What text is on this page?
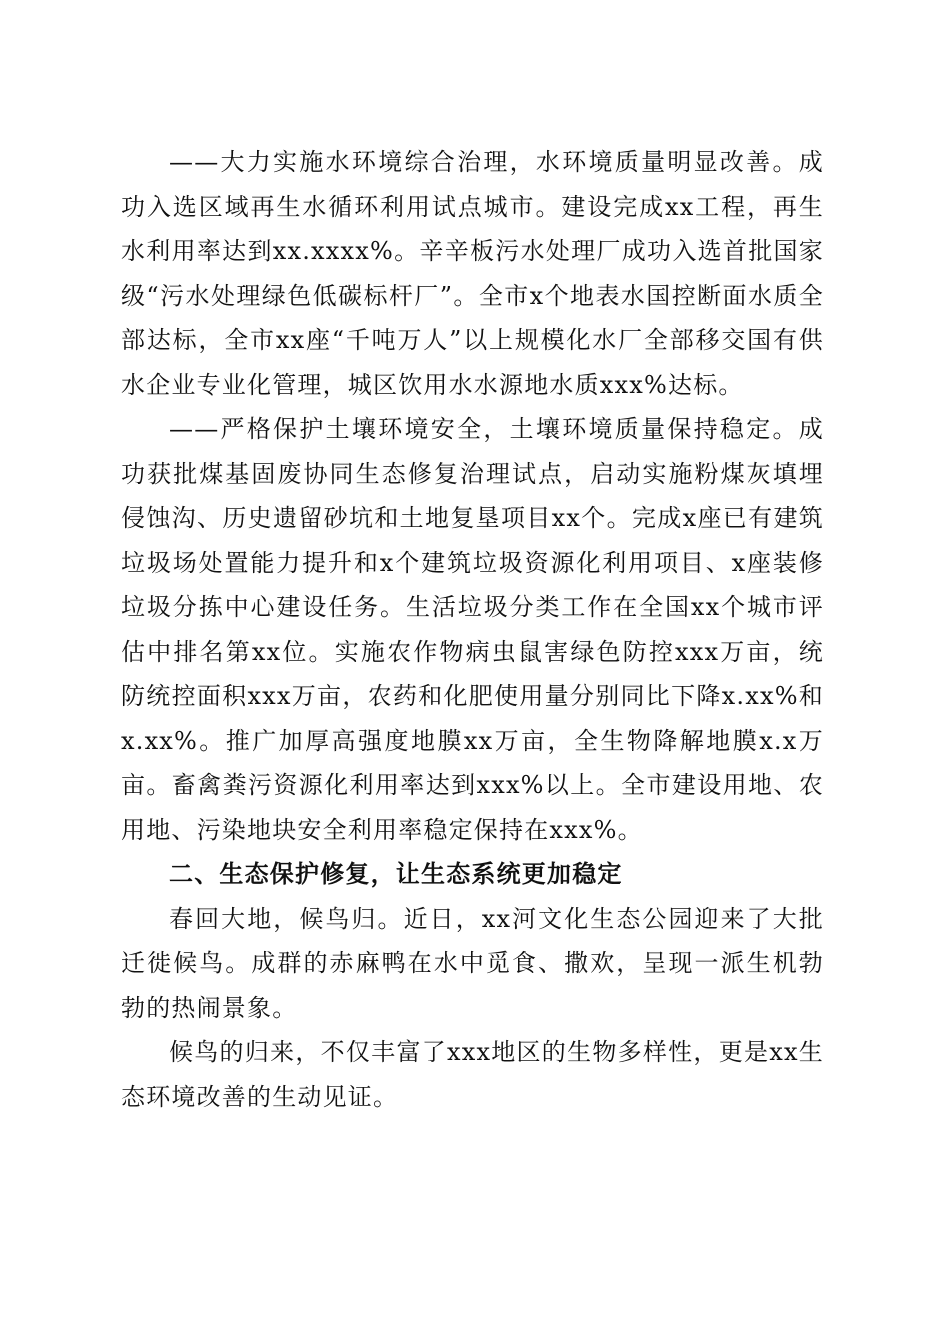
——大力实施水环境综合治理，水环境质量明显改善。成功入选区域再生水循环利用试点城市。建设完成xx工程，再生水利用率达到xx.xxxx%。辛辛板污水处理厂成功入选首批国家级“污水处理绿色低碳标杆厂”。全市x个地表水国控断面水质全部达标，全市xx座“千吨万人”以上规模化水厂全部移交国有供水企业专业化管理，城区饮用水水源地水质xxx%达标。

——严格保护土壤环境安全，土壤环境质量保持稳定。成功获批煤基固废协同生态修复治理试点，启动实施粉煤灰填埋侵蚀沟、历史遗留砂坑和土地复垦项目xx个。完成x座已有建筑垃圾场处置能力提升和x个建筑垃圾资源化利用项目、x座装修垃圾分拣中心建设任务。生活垃圾分类工作在全国xx个城市评估中排名第xx位。实施农作物病虫鼠害绿色防控xxx万亩，统防统控面积xxx万亩，农药和化肥使用量分别同比下降x.xx%和x.xx%。推广加厚高强度地膜xx万亩，全生物降解地膜x.x万亩。畜禽粪污资源化利用率达到xxx%以上。全市建设用地、农用地、污染地块安全利用率稳定保持在xxx%。

二、生态保护修复，让生态系统更加稳定

春回大地，候鸟归。近日，xx河文化生态公园迎来了大批迁徙候鸟。成群的赤麻鸭在水中觅食、撒欢，呈现一派生机勃勃的热闹景象。

候鸟的归来，不仅丰富了xxx地区的生物多样性，更是xx生态环境改善的生动见证。
